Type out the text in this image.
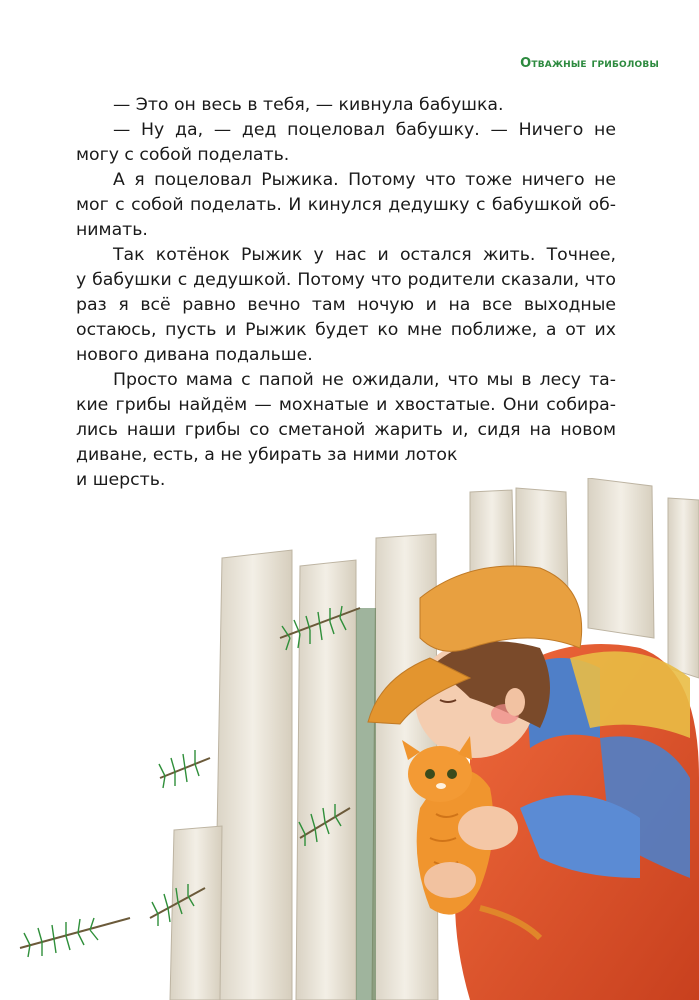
Отважные гриболовы
— Это он весь в тебя, — кивнула бабушка.
— Ну да, — дед поцеловал бабушку. — Ничего не
могу с собой поделать.
А я поцеловал Рыжика. Потому что тоже ничего не
мог с собой поделать. И кинулся дедушку с бабушкой об-
нимать.
Так котёнок Рыжик у нас и остался жить. Точнее,
у бабушки с дедушкой. Потому что родители сказали, что
раз я всё равно вечно там ночую и на все выходные
остаюсь, пусть и Рыжик будет ко мне поближе, а от их
нового дивана подальше.
Просто мама с папой не ожидали, что мы в лесу та-
кие грибы найдём — мохнатые и хвостатые. Они собира-
лись наши грибы со сметаной жарить и, сидя на новом
диване, есть, а не убирать за ними лоток
и шерсть.
